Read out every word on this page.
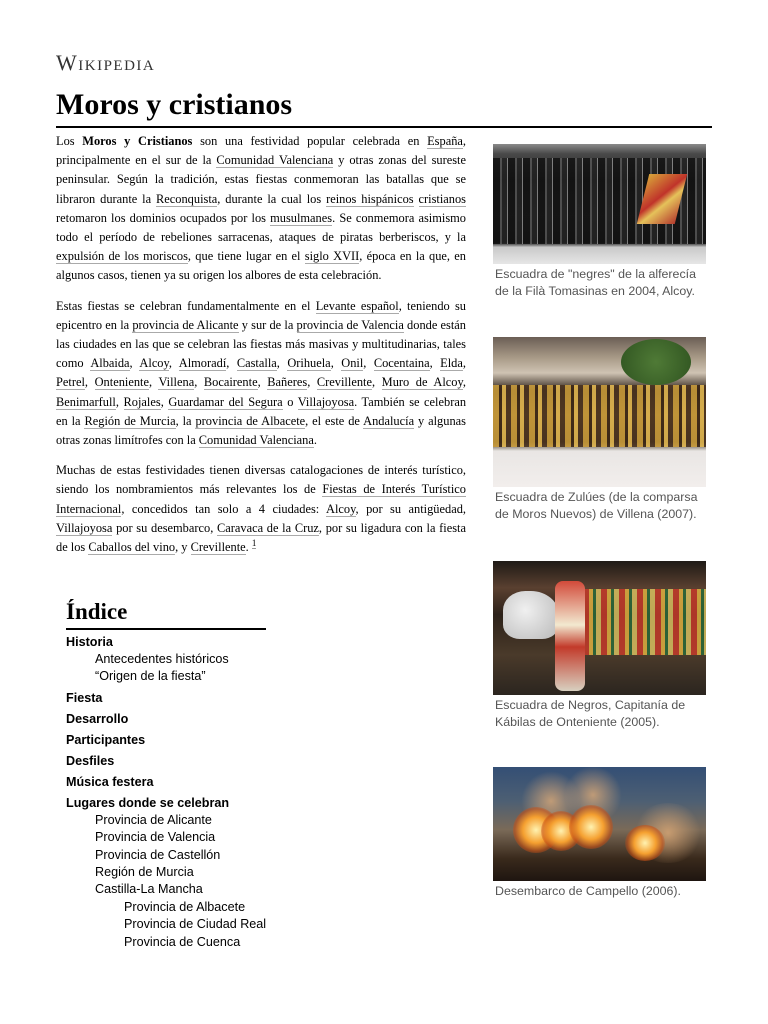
Wikipedia
Moros y cristianos

Los Moros y Cristianos son una festividad popular celebrada en España, principalmente en el sur de la Comunidad Valenciana y otras zonas del sureste peninsular. Según la tradición, estas fiestas conmemoran las batallas que se libraron durante la Reconquista, durante la cual los reinos hispánicos cristianos retomaron los dominios ocupados por los musulmanes. Se conmemora asimismo todo el período de rebeliones sarracenas, ataques de piratas berberiscos, y la expulsión de los moriscos, que tiene lugar en el siglo XVII, época en la que, en algunos casos, tienen ya su origen los albores de esta celebración.

Estas fiestas se celebran fundamentalmente en el Levante español, teniendo su epicentro en la provincia de Alicante y sur de la provincia de Valencia donde están las ciudades en las que se celebran las fiestas más masivas y multitudinarias, tales como Albaida, Alcoy, Almoradí, Castalla, Orihuela, Onil, Cocentaina, Elda, Petrel, Onteniente, Villena, Bocairente, Bañeres, Crevillente, Muro de Alcoy, Benimarfull, Rojales, Guardamar del Segura o Villajoyosa. También se celebran en la Región de Murcia, la provincia de Albacete, el este de Andalucía y algunas otras zonas limítrofes con la Comunidad Valenciana.

Muchas de estas festividades tienen diversas catalogaciones de interés turístico, siendo los nombramientos más relevantes los de Fiestas de Interés Turístico Internacional, concedidos tan solo a 4 ciudades: Alcoy, por su antigüedad, Villajoyosa por su desembarco, Caravaca de la Cruz, por su ligadura con la fiesta de los Caballos del vino, y Crevillente. $^1$

Índice
Historia
Antecedentes históricos
“Origen de la fiesta”
Fiesta
Desarrollo
Participantes
Desfiles
Música festera
Lugares donde se celebran
Provincia de Alicante
Provincia de Valencia
Provincia de Castellón
Región de Murcia
Castilla-La Mancha
Provincia de Albacete
Provincia de Ciudad Real
Provincia de Cuenca
Escuadra de "negres" de la alferecía de la Filà Tomasinas en 2004, Alcoy.
Escuadra de Zulúes (de la comparsa de Moros Nuevos) de Villena (2007).
Escuadra de Negros, Capitanía de Kábilas de Onteniente (2005).
Desembarco de Campello (2006).
